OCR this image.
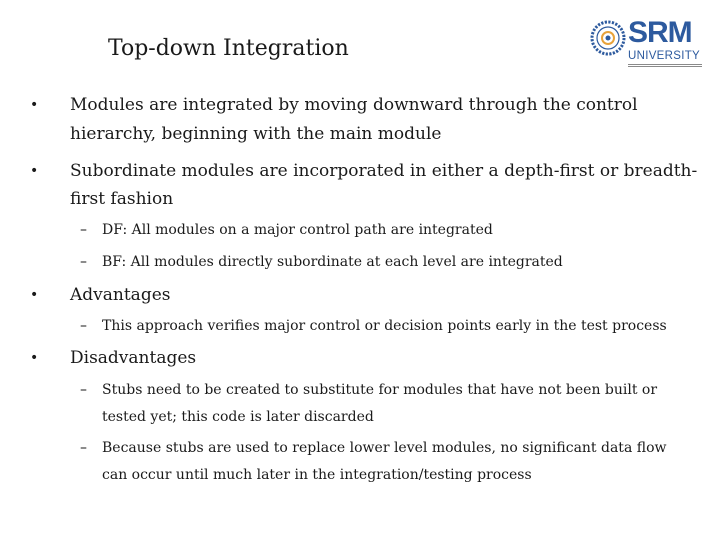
Top-down Integration	SRM
UNIVERSITY
• Modules are integrated by moving downward through the control
hierarchy, beginning with the main module
• Subordinate modules are incorporated in either a depth-first or breadth-
first fashion
– DF: All modules on a major control path are integrated
– BF: All modules directly subordinate at each level are integrated
• Advantages
– This approach verifies major control or decision points early in the test process
• Disadvantages
– Stubs need to be created to substitute for modules that have not been built or
tested yet; this code is later discarded
– Because stubs are used to replace lower level modules, no significant data flow
can occur until much later in the integration/testing process
